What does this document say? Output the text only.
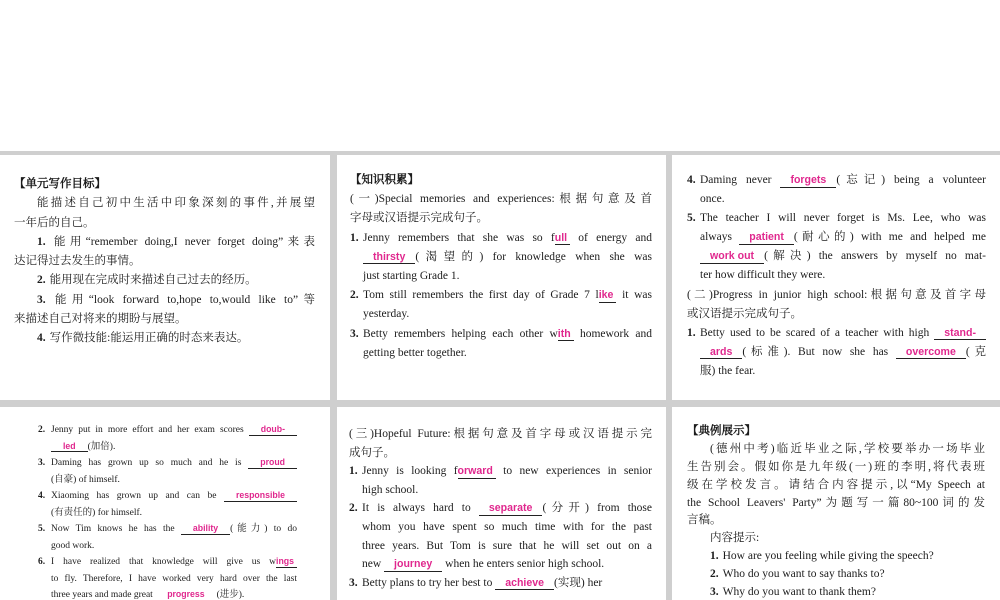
【单元写作目标】
能描述自己初中生活中印象深刻的事件,并展望
一年后的自己。
1. 能用“remember doing,I never forget doing”来表
达记得过去发生的事情。
2. 能用现在完成时来描述自己过去的经历。
3. 能用“look forward to,hope to,would like to”等
来描述自己对将来的期盼与展望。
4. 写作微技能:能运用正确的时态来表达。
【知识积累】
(一)Special memories and experiences:根据句意及首
字母或汉语提示完成句子。
1. Jenny remembers that she was so full of energy and
thirsty (渴望的) for knowledge when she was
just starting Grade 1.
2. Tom still remembers the first day of Grade 7 like it was
yesterday.
3. Betty remembers helping each other with homework and
getting better together.
4. Daming never forgets (忘记) being a volunteer
once.
5. The teacher I will never forget is Ms. Lee, who was
always patient (耐心的) with me and helped me
work out (解决) the answers by myself no mat-
ter how difficult they were.
(二)Progress in junior high school:根据句意及首字母
或汉语提示完成句子。
1. Betty used to be scared of a teacher with high stand-
ards (标准). But now she has overcome (克
服) the fear.
2. Jenny put in more effort and her exam scores doub-
led (加倍).
3. Daming has grown up so much and he is proud
(自豪) of himself.
4. Xiaoming has grown up and can be responsible
(有责任的) for himself.
5. Now Tim knows he has the ability (能力) to do
good work.
6. I have realized that knowledge will give us wings
to fly. Therefore, I have worked very hard over the last
three years and made great progress (进步).
(三)Hopeful Future:根据句意及首字母或汉语提示完
成句子。
1. Jenny is looking forward to new experiences in senior
high school.
2. It is always hard to separate (分开) from those
whom you have spent so much time with for the past
three years. But Tom is sure that he will set out on a
new journey when he enters senior high school.
3. Betty plans to try her best to achieve (实现) her
【典例展示】
(德州中考)临近毕业之际,学校要举办一场毕业
生告别会。假如你是九年级(一)班的李明,将代表班
级在学校发言。请结合内容提示,以“My Speech at
the School Leavers' Party”为题写一篇80~100词的发
言稿。
内容提示:
1. How are you feeling while giving the speech?
2. Who do you want to say thanks to?
3. Why do you want to thank them?
